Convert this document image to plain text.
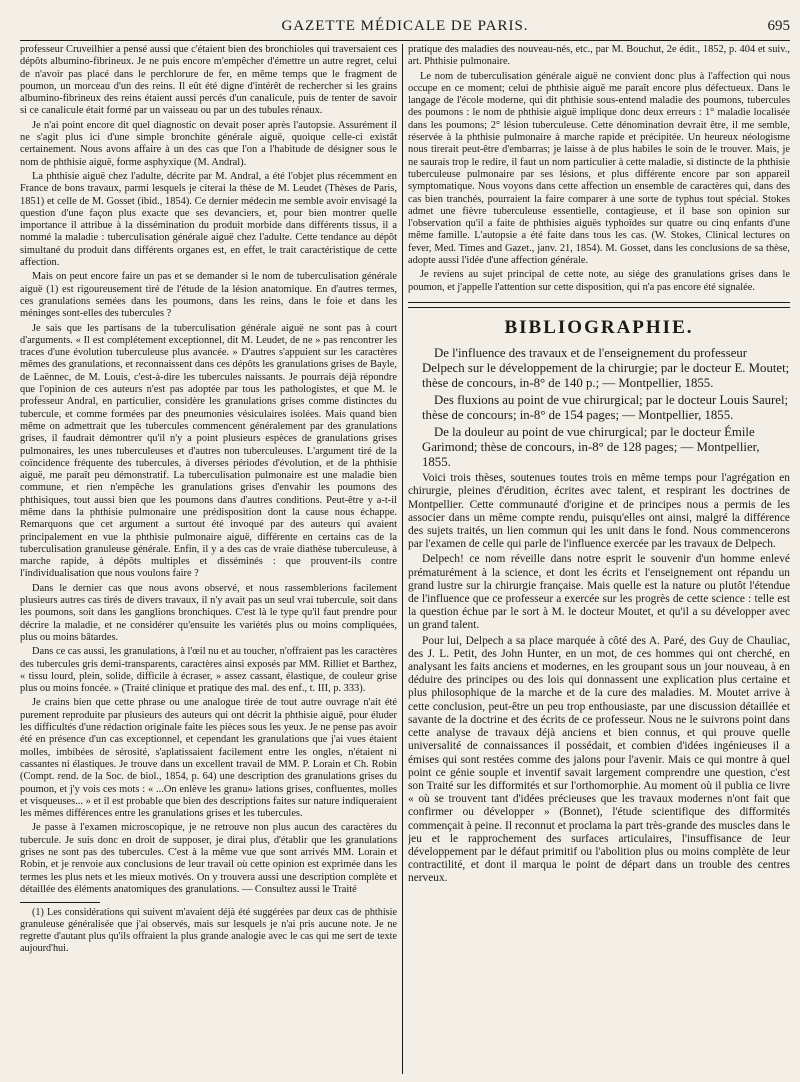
GAZETTE MÉDICALE DE PARIS.	695

professeur Cruveilhier a pensé aussi que c'étaient bien des bronchioles qui traversaient ces dépôts albumino-fibrineux. Je ne puis encore m'empêcher d'émettre un autre regret, celui de n'avoir pas placé dans le perchlorure de fer, en même temps que le fragment de poumon, un morceau d'un des reins. Il eût été digne d'intérêt de rechercher si les grains albumino-fibrineux des reins étaient aussi percés d'un canalicule, puis de tenter de savoir si ce canalicule était formé par un vaisseau ou par un des tubules rénaux.

Je n'ai point encore dit quel diagnostic on devait poser après l'autopsie. Assurément il ne s'agit plus ici d'une simple bronchite générale aiguë, quoique celle-ci existât certainement. Nous avons affaire à un des cas que l'on a l'habitude de désigner sous le nom de phthisie aiguë, forme asphyxique (M. Andral).

La phthisie aiguë chez l'adulte, décrite par M. Andral, a été l'objet plus récemment en France de bons travaux, parmi lesquels je citerai la thèse de M. Leudet (Thèses de Paris, 1851) et celle de M. Gosset (ibid., 1854). Ce dernier médecin me semble avoir envisagé la question d'une façon plus exacte que ses devanciers, et, pour bien montrer quelle importance il attribue à la dissémination du produit morbide dans différents tissus, il a nommé la maladie : tuberculisation générale aiguë chez l'adulte. Cette tendance au dépôt simultané du produit dans différents organes est, en effet, le trait caractéristique de cette affection.

Mais on peut encore faire un pas et se demander si le nom de tuberculisation générale aiguë (1) est rigoureusement tiré de l'étude de la lésion anatomique. En d'autres termes, ces granulations semées dans les poumons, dans les reins, dans le foie et dans les méninges sont-elles des tubercules ?

Je sais que les partisans de la tuberculisation générale aiguë ne sont pas à court d'arguments. « Il est complétement exceptionnel, dit M. Leudet, de ne » pas rencontrer les traces d'une évolution tuberculeuse plus avancée. » D'autres s'appuient sur les caractères mêmes des granulations, et reconnaissent dans ces dépôts les granulations grises de Bayle, de Laënnec, de M. Louis, c'est-à-dire les tubercules naissants. Je pourrais déjà répondre que l'opinion de ces auteurs n'est pas adoptée par tous les pathologistes, et que M. le professeur Andral, en particulier, considère les granulations grises comme distinctes du tubercule, et comme formées par des pneumonies vésiculaires isolées. Mais quand bien même on admettrait que les tubercules commencent généralement par des granulations grises, il faudrait démontrer qu'il n'y a point plusieurs espèces de granulations grises pulmonaires, les unes tuberculeuses et d'autres non tuberculeuses. L'argument tiré de la coïncidence fréquente des tubercules, à diverses périodes d'évolution, et de la phthisie aiguë, me paraît peu démonstratif. La tuberculisation pulmonaire est une maladie bien commune, et rien n'empêche les granulations grises d'envahir les poumons des phthisiques, tout aussi bien que les poumons dans d'autres conditions. Peut-être y a-t-il même dans la phthisie pulmonaire une prédisposition dont la cause nous échappe. Remarquons que cet argument a surtout été invoqué par des auteurs qui avaient principalement en vue la phthisie pulmonaire aiguë, différente en certains cas de la tuberculisation granuleuse générale. Enfin, il y a des cas de vraie diathèse tuberculeuse, à marche rapide, à dépôts multiples et disséminés : que prouvent-ils contre l'individualisation que nous voulons faire ?

Dans le dernier cas que nous avons observé, et nous rassemblerions facilement plusieurs autres cas tirés de divers travaux, il n'y avait pas un seul vrai tubercule, soit dans les poumons, soit dans les ganglions bronchiques. C'est là le type qu'il faut prendre pour décrire la maladie, et ne considérer qu'ensuite les variétés plus ou moins compliquées, plus ou moins bâtardes.

Dans ce cas aussi, les granulations, à l'œil nu et au toucher, n'offraient pas les caractères des tubercules gris demi-transparents, caractères ainsi exposés par MM. Rilliet et Barthez, « tissu lourd, plein, solide, difficile à écraser, » assez cassant, élastique, de couleur grise plus ou moins foncée. » (Traité clinique et pratique des mal. des enf., t. III, p. 333).

Je crains bien que cette phrase ou une analogue tirée de tout autre ouvrage n'ait été purement reproduite par plusieurs des auteurs qui ont décrit la phthisie aiguë, pour éluder les difficultés d'une rédaction originale faite les pièces sous les yeux. Je ne pense pas avoir été en présence d'un cas exceptionnel, et cependant les granulations que j'ai vues étaient molles, imbibées de sérosité, s'aplatissaient facilement entre les ongles, n'étaient ni cassantes ni élastiques. Je trouve dans un excellent travail de MM. P. Lorain et Ch. Robin (Compt. rend. de la Soc. de biol., 1854, p. 64) une description des granulations grises du poumon, et j'y vois ces mots : « ...On enlève les granu» lations grises, confluentes, molles et visqueuses... » et il est probable que bien des descriptions faites sur nature indiqueraient les mêmes différences entre les granulations grises et les tubercules.

Je passe à l'examen microscopique, je ne retrouve non plus aucun des caractères du tubercule. Je suis donc en droit de supposer, je dirai plus, d'établir que les granulations grises ne sont pas des tubercules. C'est à la même vue que sont arrivés MM. Lorain et Robin, et je renvoie aux conclusions de leur travail où cette opinion est exprimée dans les termes les plus nets et les mieux motivés. On y trouvera aussi une description complète et détaillée des éléments anatomiques des granulations. — Consultez aussi le Traité

(1) Les considérations qui suivent m'avaient déjà été suggérées par deux cas de phthisie granuleuse généralisée que j'ai observés, mais sur lesquels je n'ai pris aucune note. Je ne regrette d'autant plus qu'ils offraient la plus grande analogie avec le cas qui me sert de texte aujourd'hui.

pratique des maladies des nouveau-nés, etc., par M. Bouchut, 2e édit., 1852, p. 404 et suiv., art. Phthisie pulmonaire.

Le nom de tuberculisation générale aiguë ne convient donc plus à l'affection qui nous occupe en ce moment; celui de phthisie aiguë me paraît encore plus défectueux. Dans le langage de l'école moderne, qui dit phthisie sous-entend maladie des poumons, tubercules des poumons : le nom de phthisie aiguë implique donc deux erreurs : 1° maladie localisée dans les poumons; 2° lésion tuberculeuse. Cette dénomination devrait être, il me semble, réservée à la phthisie pulmonaire à marche rapide et précipitée. Un heureux néologisme nous tirerait peut-être d'embarras; je laisse à de plus habiles le soin de le trouver. Mais, je ne saurais trop le redire, il faut un nom particulier à cette maladie, si distincte de la phthisie tuberculeuse pulmonaire par ses lésions, et plus différente encore par son appareil symptomatique. Nous voyons dans cette affection un ensemble de caractères qui, dans des cas bien tranchés, pourraient la faire comparer à une sorte de typhus tout spécial. Stokes admet une fièvre tuberculeuse essentielle, contagieuse, et il base son opinion sur l'observation qu'il a faite de phthisies aiguës typhoïdes sur quatre ou cinq enfants d'une même famille. L'autopsie a été faite dans tous les cas. (W. Stokes, Clinical lectures on fever, Med. Times and Gazet., janv. 21, 1854). M. Gosset, dans les conclusions de sa thèse, adopte aussi l'idée d'une affection générale.

Je reviens au sujet principal de cette note, au siége des granulations grises dans le poumon, et j'appelle l'attention sur cette disposition, qui n'a pas encore été signalée.

BIBLIOGRAPHIE.

De l'influence des travaux et de l'enseignement du professeur Delpech sur le développement de la chirurgie; par le docteur E. Moutet; thèse de concours, in-8° de 140 p.; — Montpellier, 1855.

Des fluxions au point de vue chirurgical; par le docteur Louis Saurel; thèse de concours; in-8° de 154 pages; — Montpellier, 1855.

De la douleur au point de vue chirurgical; par le docteur Émile Garimond; thèse de concours, in-8° de 128 pages; — Montpellier, 1855.

Voici trois thèses, soutenues toutes trois en même temps pour l'agrégation en chirurgie, pleines d'érudition, écrites avec talent, et respirant les doctrines de Montpellier. Cette communauté d'origine et de principes nous a permis de les associer dans un même compte rendu, puisqu'elles ont ainsi, malgré la différence des sujets traités, un lien commun qui les unit dans le fond. Nous commencerons par l'examen de celle qui parle de l'influence exercée par les travaux de Delpech.

Delpech! ce nom réveille dans notre esprit le souvenir d'un homme enlevé prématurément à la science, et dont les écrits et l'enseignement ont répandu un grand lustre sur la chirurgie française. Mais quelle est la nature ou plutôt l'étendue de l'influence que ce professeur a exercée sur les progrès de cette science : telle est la question échue par le sort à M. le docteur Moutet, et qu'il a su développer avec un grand talent.

Pour lui, Delpech a sa place marquée à côté des A. Paré, des Guy de Chauliac, des J. L. Petit, des John Hunter, en un mot, de ces hommes qui ont cherché, en analysant les faits anciens et modernes, en les groupant sous un jour nouveau, à en déduire des principes ou des lois qui donnassent une explication plus certaine et plus philosophique de la marche et de la cure des maladies. M. Moutet arrive à cette conclusion, peut-être un peu trop enthousiaste, par une discussion détaillée et savante de la doctrine et des écrits de ce professeur. Nous ne le suivrons point dans cette analyse de travaux déjà anciens et bien connus, et qui prouve quelle universalité de connaissances il possédait, et combien d'idées ingénieuses il a émises qui sont restées comme des jalons pour l'avenir. Mais ce qui montre à quel point ce génie souple et inventif savait largement comprendre une question, c'est son Traité sur les difformités et sur l'orthomorphie. Au moment où il publia ce livre « où se trouvent tant d'idées précieuses que les travaux modernes n'ont fait que confirmer ou développer » (Bonnet), l'étude scientifique des difformités commençait à peine. Il reconnut et proclama la part très-grande des muscles dans le jeu et le rapprochement des surfaces articulaires, l'insuffisance de leur développement par le défaut primitif ou l'abolition plus ou moins complète de leur contractilité, et dont il marqua le point de départ dans un trouble des centres nerveux.
